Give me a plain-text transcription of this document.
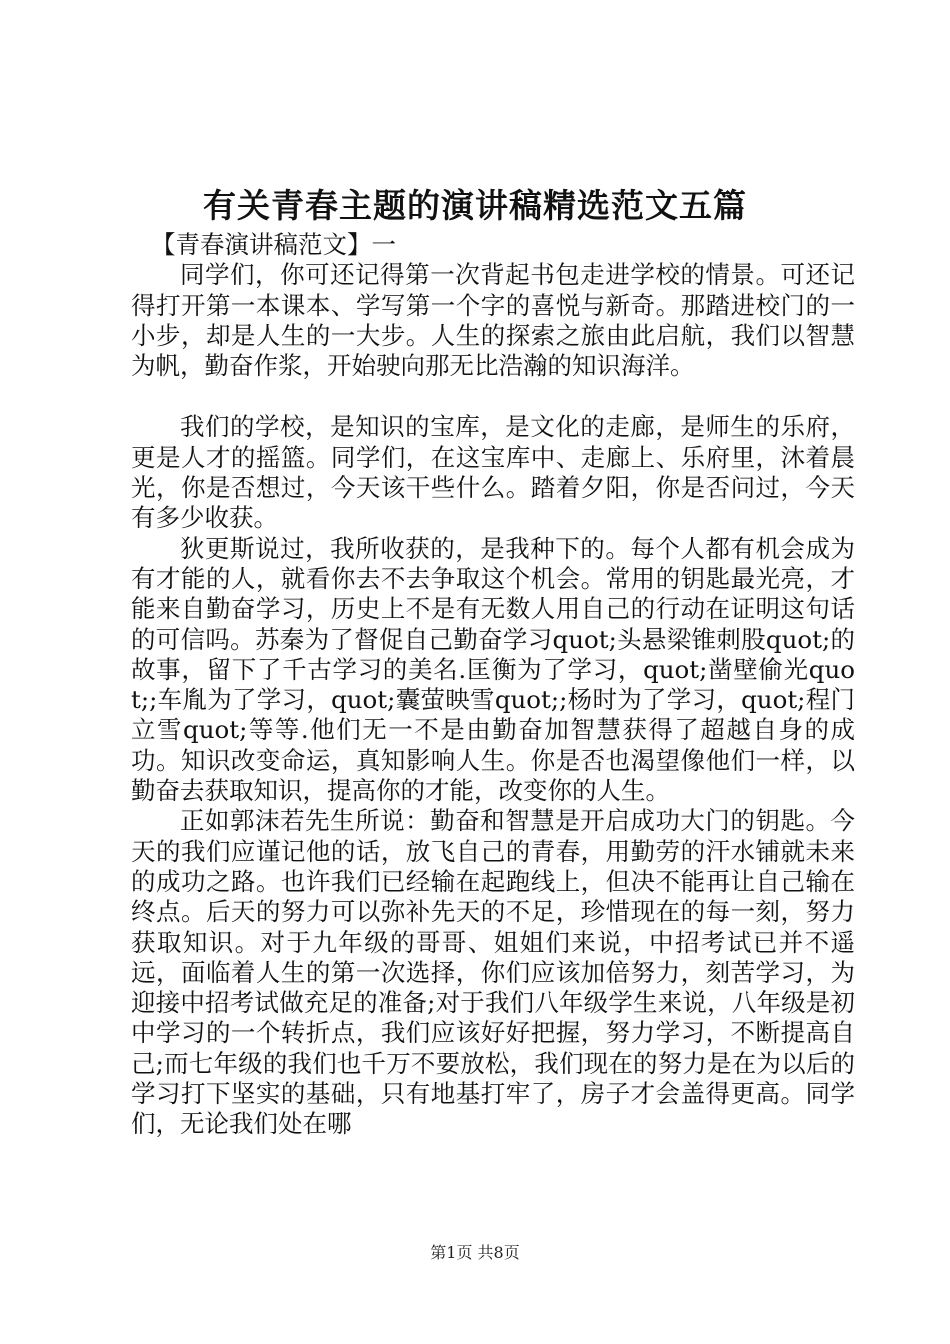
有关青春主题的演讲稿精选范文五篇

【青春演讲稿范文】一

同学们，你可还记得第一次背起书包走进学校的情景。可还记得打开第一本课本、学写第一个字的喜悦与新奇。那踏进校门的一小步，却是人生的一大步。人生的探索之旅由此启航，我们以智慧为帆，勤奋作浆，开始驶向那无比浩瀚的知识海洋。

我们的学校，是知识的宝库，是文化的走廊，是师生的乐府，更是人才的摇篮。同学们，在这宝库中、走廊上、乐府里，沐着晨光，你是否想过，今天该干些什么。踏着夕阳，你是否问过，今天有多少收获。

狄更斯说过，我所收获的，是我种下的。每个人都有机会成为有才能的人，就看你去不去争取这个机会。常用的钥匙最光亮，才能来自勤奋学习，历史上不是有无数人用自己的行动在证明这句话的可信吗。苏秦为了督促自己勤奋学习quot;头悬梁锥刺股quot;的故事，留下了千古学习的美名.匡衡为了学习，quot;凿壁偷光quot;;车胤为了学习，quot;囊萤映雪quot;;杨时为了学习，quot;程门立雪quot;等等.他们无一不是由勤奋加智慧获得了超越自身的成功。知识改变命运，真知影响人生。你是否也渴望像他们一样，以勤奋去获取知识，提高你的才能，改变你的人生。

正如郭沫若先生所说：勤奋和智慧是开启成功大门的钥匙。今天的我们应谨记他的话，放飞自己的青春，用勤劳的汗水铺就未来的成功之路。也许我们已经输在起跑线上，但决不能再让自己输在终点。后天的努力可以弥补先天的不足，珍惜现在的每一刻，努力获取知识。对于九年级的哥哥、姐姐们来说，中招考试已并不遥远，面临着人生的第一次选择，你们应该加倍努力，刻苦学习，为迎接中招考试做充足的准备;对于我们八年级学生来说，八年级是初中学习的一个转折点，我们应该好好把握，努力学习，不断提高自己;而七年级的我们也千万不要放松，我们现在的努力是在为以后的学习打下坚实的基础，只有地基打牢了，房子才会盖得更高。同学们，无论我们处在哪

第1页 共8页
